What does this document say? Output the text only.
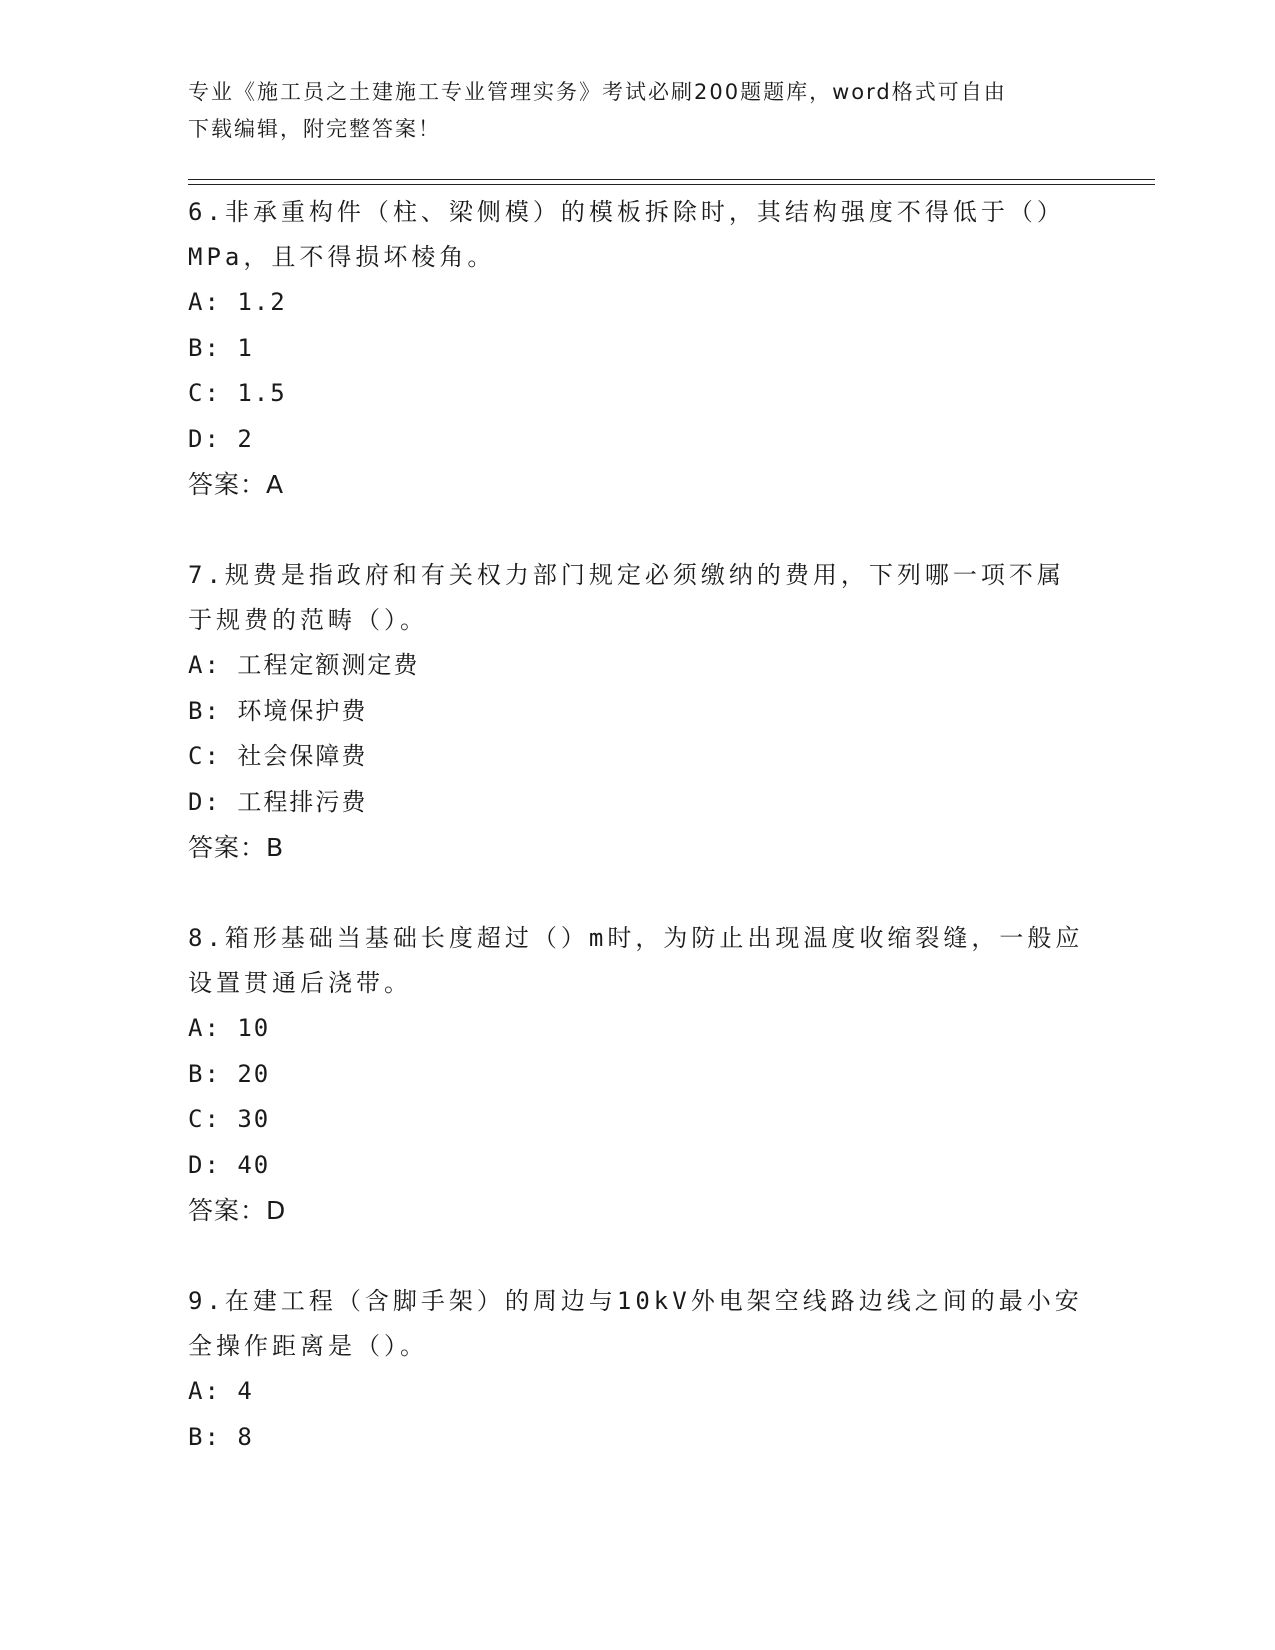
专业《施工员之土建施工专业管理实务》考试必刷200题题库，word格式可自由
下载编辑，附完整答案！
6.非承重构件（柱、梁侧模）的模板拆除时，其结构强度不得低于（）MPa，且不得损坏棱角。
A: 1.2
B: 1
C: 1.5
D: 2
答案：A
7.规费是指政府和有关权力部门规定必须缴纳的费用，下列哪一项不属于规费的范畴（）。
A: 工程定额测定费
B: 环境保护费
C: 社会保障费
D: 工程排污费
答案：B
8.箱形基础当基础长度超过（）m时，为防止出现温度收缩裂缝，一般应设置贯通后浇带。
A: 10
B: 20
C: 30
D: 40
答案：D
9.在建工程（含脚手架）的周边与10kV外电架空线路边线之间的最小安全操作距离是（）。
A: 4
B: 8
